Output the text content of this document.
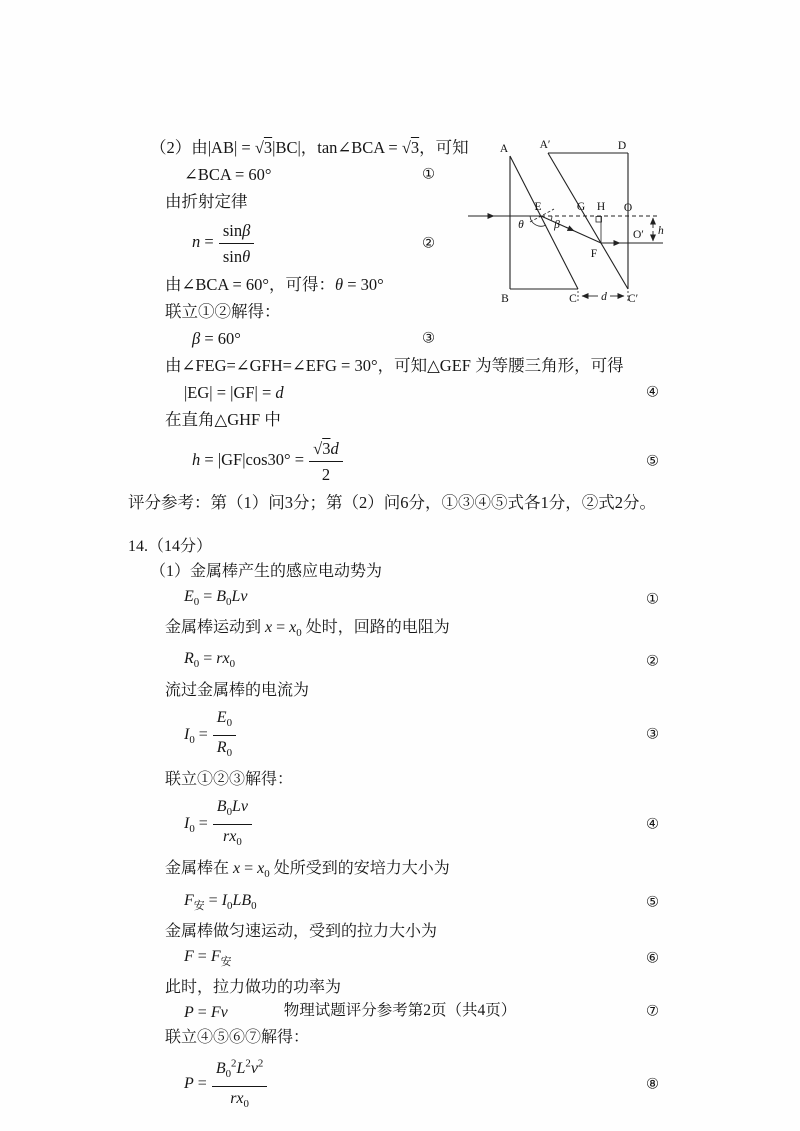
（2）由|AB| = √3|BC|，tan∠BCA = √3，可知
∠BCA = 60°	①
由折射定律
$n = \frac{\sin\beta}{\sin\theta}$	②
由∠BCA = 60°，可得：θ = 30°
联立①②解得：
β = 60°	③
由∠FEG=∠GFH=∠EFG = 30°，可知△GEF 为等腰三角形，可得
|EG| = |GF| = d	④
在直角△GHF 中
$h = |GF|\cos 30^\circ = \frac{√3d}{2}$	⑤
评分参考：第（1）问3分；第（2）问6分，①③④⑤式各1分，②式2分。
14.（14分）
（1）金属棒产生的感应电动势为
$E_0 = B_0Lv$	①
金属棒运动到 $x = x_0$ 处时，回路的电阻为
$R_0 = rx_0$	②
流过金属棒的电流为
$I_0 = \frac{E_0}{R_0}$	③
联立①②③解得：
$I_0 = \frac{B_0Lv}{rx_0}$	④
金属棒在 $x = x_0$ 处所受到的安培力大小为
$F_安 = I_0LB_0$	⑤
金属棒做匀速运动，受到的拉力大小为
$F = F_安$	⑥
此时，拉力做功的功率为
P = Fv	⑦
联立④⑤⑥⑦解得：
$P = \frac{B_0^2L^2v^2}{rx_0}$	⑧
A	A′	D
B	C	C′
E	G H O
O′
F
h
d
θ	β
物理试题评分参考第2页（共4页）
